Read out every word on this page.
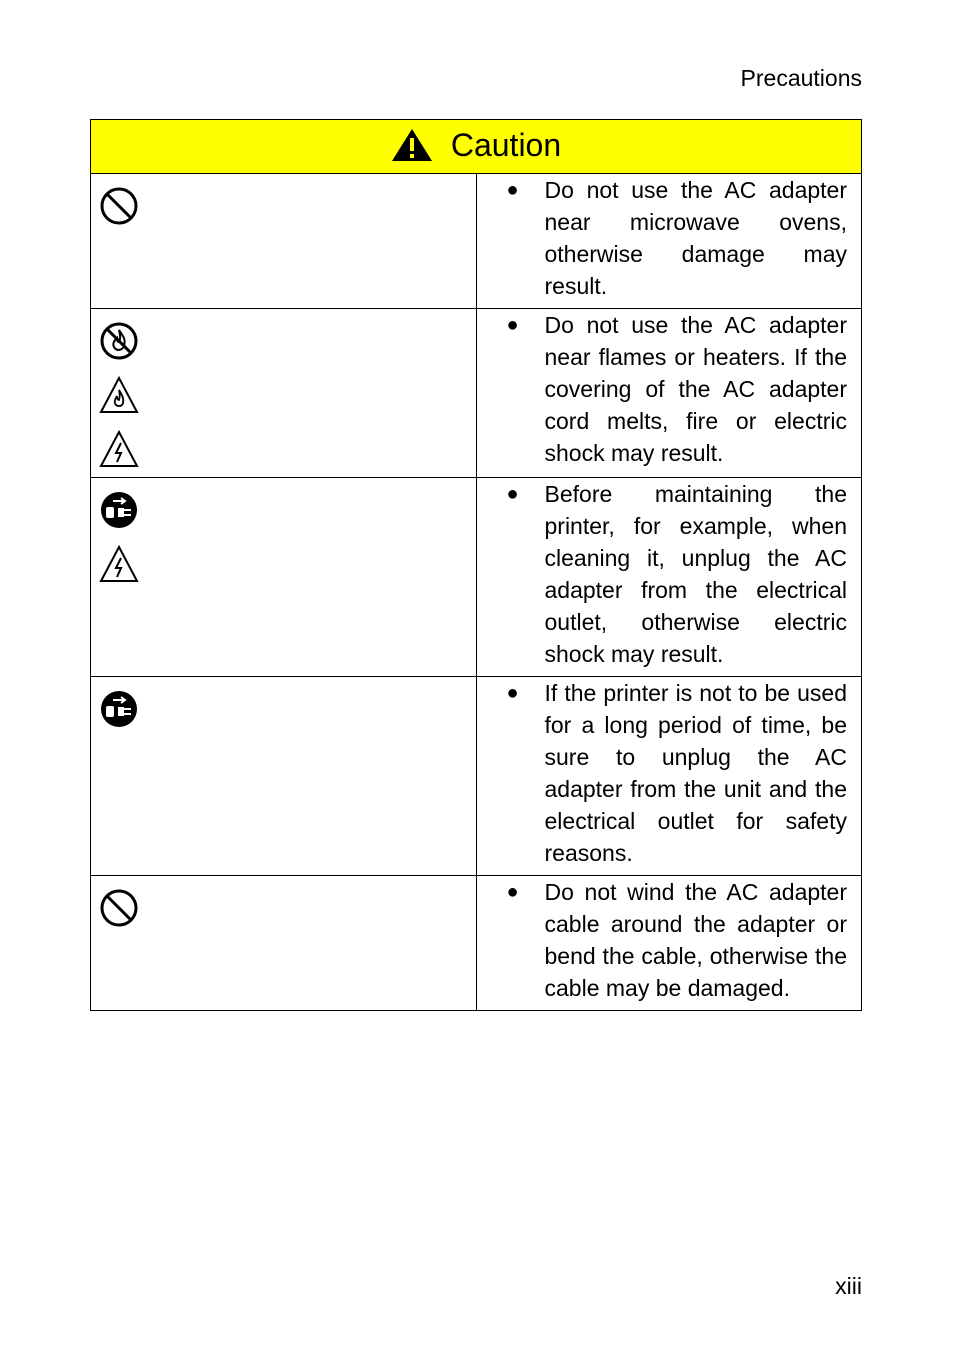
Precautions
Caution	

● Do not use the AC adapter near microwave ovens, otherwise damage may result.

● Do not use the AC adapter near flames or heaters. If the covering of the AC adapter cord melts, fire or electric shock may result.

● Before maintaining the printer, for example, when cleaning it, unplug the AC adapter from the electrical outlet, otherwise electric shock may result.

● If the printer is not to be used for a long period of time, be sure to unplug the AC adapter from the unit and the electrical outlet for safety reasons.

● Do not wind the AC adapter cable around the adapter or bend the cable, otherwise the cable may be damaged.
xiii
